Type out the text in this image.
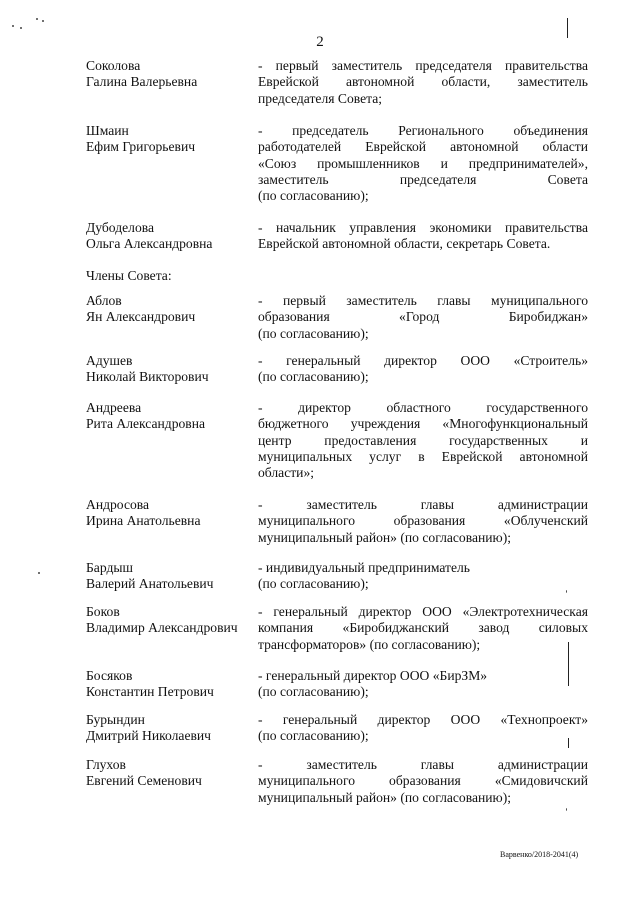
2
Соколова
Галина Валерьевна
- первый заместитель председателя правительства
Еврейской автономной области, заместитель
председателя Совета;
Шмаин
Ефим Григорьевич
- председатель Регионального объединения
работодателей Еврейской автономной области
«Союз промышленников и предпринимателей»,
заместитель председателя Совета
(по согласованию);
Дубоделова
Ольга Александровна
- начальник управления экономики правительства
Еврейской автономной области, секретарь Совета.
Аблов
Ян Александрович
- первый заместитель главы муниципального
образования «Город Биробиджан»
(по согласованию);
Адушев
Николай Викторович
- генеральный директор ООО «Строитель»
(по согласованию);
Андреева
Рита Александровна
- директор областного государственного
бюджетного учреждения «Многофункциональный
центр предоставления государственных и
муниципальных услуг в Еврейской автономной
области»;
Андросова
Ирина Анатольевна
- заместитель главы администрации
муниципального образования «Облученский
муниципальный район» (по согласованию);
Бардыш
Валерий Анатольевич
- индивидуальный предприниматель
(по согласованию);
Боков
Владимир Александрович
- генеральный директор ООО «Электротехническая
компания «Биробиджанский завод силовых
трансформаторов» (по согласованию);
Босяков
Константин Петрович
- генеральный директор ООО «БирЗМ»
(по согласованию);
Бурындин
Дмитрий Николаевич
- генеральный директор ООО «Технопроект»
(по согласованию);
Глухов
Евгений Семенович
- заместитель главы администрации
муниципального образования «Смидовичский
муниципальный район» (по согласованию);
Члены Совета:
Варвенко/2018-2041(4)
